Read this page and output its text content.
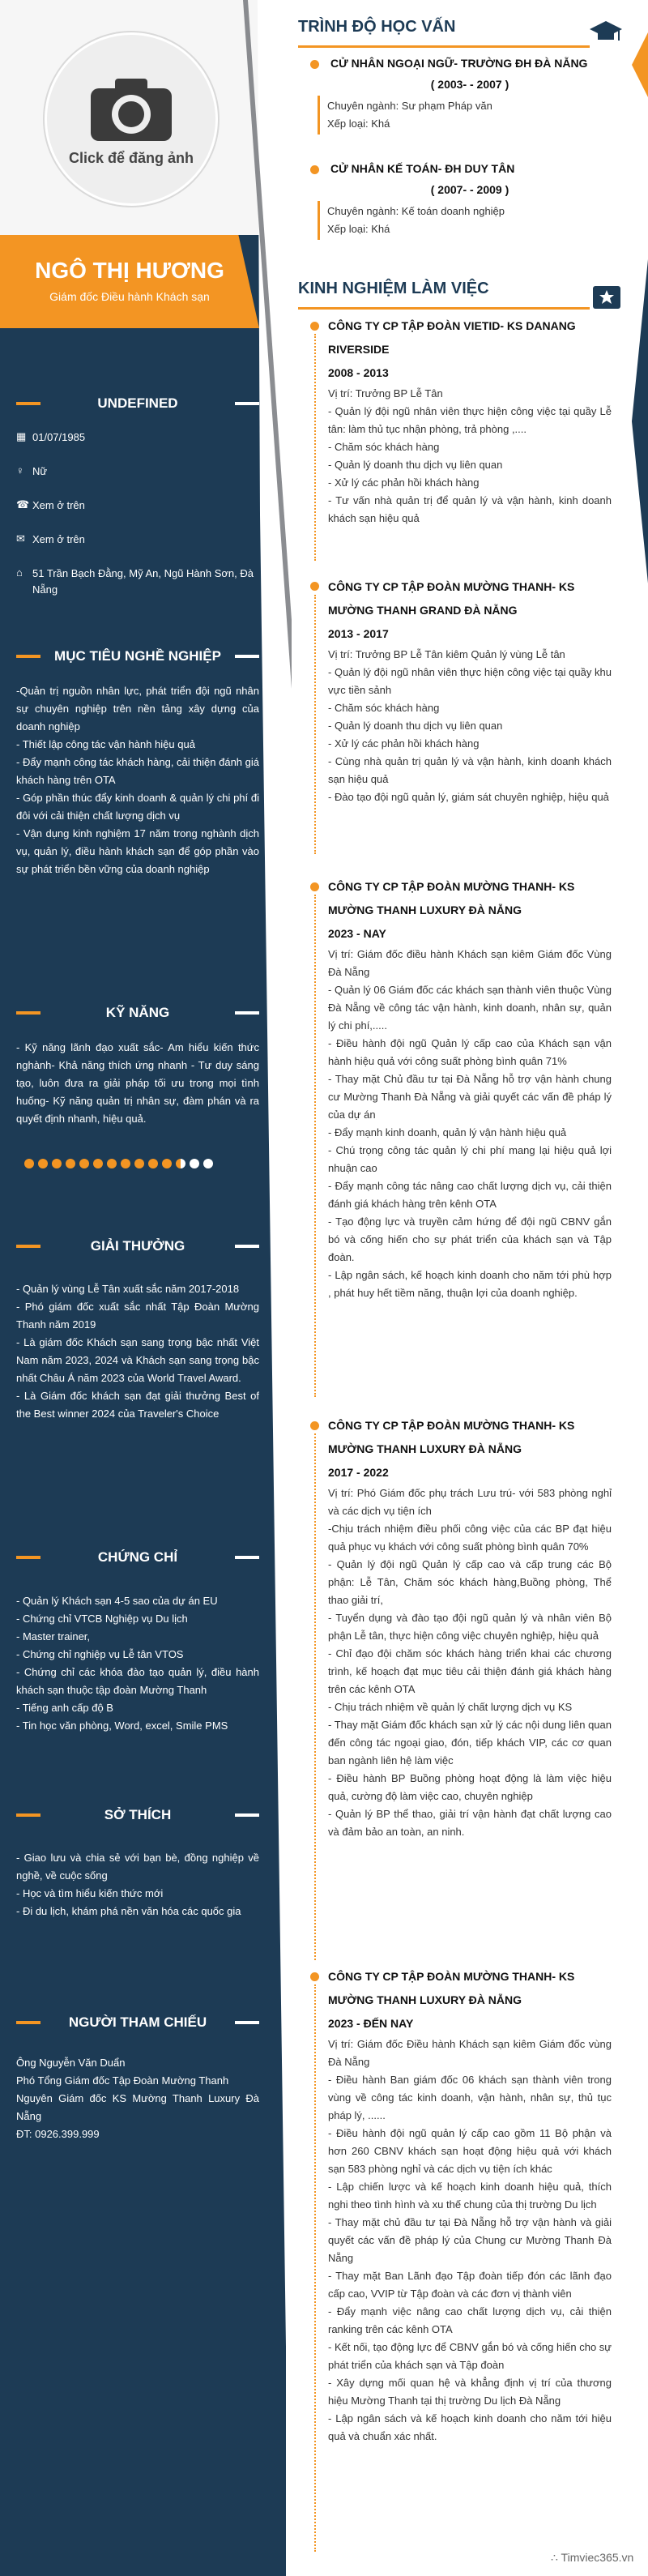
Click để đăng ảnh
NGÔ THỊ HƯƠNG
Giám đốc Điều hành Khách sạn
UNDEFINED
▦ 01/07/1985
♀ Nữ
☎ Xem ở trên
✉ Xem ở trên
⌂ 51 Trần Bạch Đằng, Mỹ An, Ngũ Hành Sơn, Đà Nẵng
MỤC TIÊU NGHỀ NGHIỆP

-Quản trị nguồn nhân lực, phát triển đội ngũ nhân sự chuyên nghiệp trên nền tảng xây dựng của doanh nghiệp

- Thiết lập công tác vận hành hiệu quả

- Đẩy mạnh công tác khách hàng, cải thiện đánh giá khách hàng trên OTA

- Góp phần thúc đẩy kinh doanh & quản lý chi phí đi đôi với cải thiện chất lượng dịch vụ

- Vận dụng kinh nghiệm 17 năm trong nghành dịch vụ, quản lý, điều hành khách sạn để góp phần vào sự phát triển bền vững của doanh nghiệp

KỸ NĂNG
- Kỹ năng lãnh đạo xuất sắc- Am hiểu kiến thức nghành- Khả năng thích ứng nhanh - Tư duy sáng tạo, luôn đưa ra giải pháp tối ưu trong mọi tình huống- Kỹ năng quản trị nhân sự, đàm phán và ra quyết định nhanh, hiệu quả.
GIẢI THƯỞNG

- Quản lý vùng Lễ Tân xuất sắc năm 2017-2018

- Phó giám đốc xuất sắc nhất Tập Đoàn Mường Thanh năm 2019

- Là giám đốc Khách sạn sang trọng bậc nhất Việt Nam năm 2023, 2024 và Khách sạn sang trọng bậc nhất Châu Á năm 2023 của World Travel Award.

- Là Giám đốc khách sạn đạt giải thưởng Best of the Best winner 2024 của Traveler's Choice

CHỨNG CHỈ

- Quản lý Khách sạn 4-5 sao của dự án EU

- Chứng chỉ VTCB Nghiệp vụ Du lịch

- Master trainer,

- Chứng chỉ nghiệp vụ Lễ tân VTOS

- Chứng chỉ các khóa đào tạo quản lý, điều hành khách sạn thuộc tập đoàn Mường Thanh

- Tiếng anh cấp độ B

- Tin học văn phòng, Word, excel, Smile PMS

SỞ THÍCH

- Giao lưu và chia sẻ với bạn bè, đồng nghiệp về nghề, về cuộc sống

- Học và tìm hiểu kiến thức mới

- Đi du lịch, khám phá nền văn hóa các quốc gia

NGƯỜI THAM CHIẾU

Ông Nguyễn Văn Duẩn

Phó Tổng Giám đốc Tập Đoàn Mường Thanh

Nguyên Giám đốc KS Mường Thanh Luxury Đà Nẵng

ĐT: 0926.399.999

TRÌNH ĐỘ HỌC VẤN
CỬ NHÂN NGOẠI NGỮ- TRƯỜNG ĐH ĐÀ NẴNG
( 2003- - 2007 )
Chuyên ngành: Sư phạm Pháp văn
Xếp loại: Khá
CỬ NHÂN KẾ TOÁN- ĐH DUY TÂN
( 2007- - 2009 )
Chuyên ngành: Kế toán doanh nghiệp
Xếp loại: Khá
KINH NGHIỆM LÀM VIỆC
CÔNG TY CP TẬP ĐOÀN VIETID- KS DANANG RIVERSIDE
2008 - 2013

Vị trí: Trưởng BP Lễ Tân

- Quản lý đội ngũ nhân viên thực hiện công việc tại quầy Lễ tân: làm thủ tục nhận phòng, trả phòng ,....

- Chăm sóc khách hàng

- Quản lý doanh thu dịch vụ liên quan

- Xử lý các phản hồi khách hàng

- Tư vấn nhà quản trị để quản lý và vận hành, kinh doanh khách sạn hiệu quả

CÔNG TY CP TẬP ĐOÀN MƯỜNG THANH- KS MƯỜNG THANH GRAND ĐÀ NẴNG
2013 - 2017

Vị trí: Trưởng BP Lễ Tân kiêm Quản lý vùng Lễ tân

- Quản lý đội ngũ nhân viên thực hiện công việc tại quầy khu vực tiền sảnh

- Chăm sóc khách hàng

- Quản lý doanh thu dịch vụ liên quan

- Xử lý các phản hồi khách hàng

- Cùng nhà quản trị quản lý và vận hành, kinh doanh khách sạn hiệu quả

- Đào tạo đội ngũ quản lý, giám sát chuyên nghiệp, hiệu quả

CÔNG TY CP TẬP ĐOÀN MƯỜNG THANH- KS MƯỜNG THANH LUXURY ĐÀ NẴNG
2023 - NAY

Vị trí: Giám đốc điều hành Khách sạn kiêm Giám đốc Vùng Đà Nẵng

- Quản lý 06 Giám đốc các khách sạn thành viên thuộc Vùng Đà Nẵng về công tác vận hành, kinh doanh, nhân sự, quản lý chi phí,.....

- Điều hành đội ngũ Quản lý cấp cao của Khách sạn vận hành hiệu quả với công suất phòng bình quân 71%

- Thay mặt Chủ đầu tư tại Đà Nẵng hỗ trợ vận hành chung cư Mường Thanh Đà Nẵng và giải quyết các vấn đề pháp lý của dự án

- Đẩy mạnh kinh doanh, quản lý vận hành hiệu quả

- Chú trọng công tác quản lý chi phí mang lại hiệu quả lợi nhuận cao

- Đẩy mạnh công tác nâng cao chất lượng dịch vụ, cải thiện đánh giá khách hàng trên kênh OTA

- Tạo động lực và truyền cảm hứng để đội ngũ CBNV gắn bó và cống hiến cho sự phát triển của khách sạn và Tập đoàn.

- Lập ngân sách, kế hoạch kinh doanh cho năm tới phù hợp , phát huy hết tiềm năng, thuận lợi của doanh nghiệp.

CÔNG TY CP TẬP ĐOÀN MƯỜNG THANH- KS MƯỜNG THANH LUXURY ĐÀ NẴNG
2017 - 2022

Vị trí: Phó Giám đốc phụ trách Lưu trú- với 583 phòng nghỉ và các dịch vụ tiện ích

-Chịu trách nhiệm điều phối công việc của các BP đạt hiệu quả phục vụ khách với công suất phòng bình quân 70%

- Quản lý đội ngũ Quản lý cấp cao và cấp trung các Bộ phận: Lễ Tân, Chăm sóc khách hàng,Buồng phòng, Thể thao giải trí,

- Tuyển dụng và đào tạo đội ngũ quản lý và nhân viên Bộ phận Lễ tân, thực hiện công việc chuyên nghiệp, hiệu quả

- Chỉ đạo đội chăm sóc khách hàng triển khai các chương trình, kế hoạch đạt mục tiêu cải thiện đánh giá khách hàng trên các kênh OTA

- Chịu trách nhiệm về quản lý chất lượng dịch vụ KS

- Thay mặt Giám đốc khách sạn xử lý các nội dung liên quan đến công tác ngoại giao, đón, tiếp khách VIP, các cơ quan ban ngành liên hệ làm việc

- Điều hành BP Buồng phòng hoạt động là làm việc hiệu quả, cường độ làm việc cao, chuyên nghiệp

- Quản lý BP thể thao, giải trí vận hành đạt chất lượng cao và đảm bảo an toàn, an ninh.

CÔNG TY CP TẬP ĐOÀN MƯỜNG THANH- KS MƯỜNG THANH LUXURY ĐÀ NẴNG
2023 - ĐẾN NAY

Vị trí: Giám đốc Điều hành Khách sạn kiêm Giám đốc vùng Đà Nẵng

- Điều hành Ban giám đốc 06 khách sạn thành viên trong vùng về công tác kinh doanh, vận hành, nhân sự, thủ tục pháp lý, ......

- Điều hành đội ngũ quản lý cấp cao gồm 11 Bộ phận và hơn 260 CBNV khách sạn hoạt động hiệu quả với khách sạn 583 phòng nghỉ và các dịch vụ tiện ích khác

- Lập chiến lược và kế hoạch kinh doanh hiệu quả, thích nghi theo tình hình và xu thế chung của thị trường Du lịch

- Thay mặt chủ đầu tư tại Đà Nẵng hỗ trợ vận hành và giải quyết các vấn đề pháp lý của Chung cư Mường Thanh Đà Nẵng

- Thay mặt Ban Lãnh đạo Tập đoàn tiếp đón các lãnh đạo cấp cao, VVIP từ Tập đoàn và các đơn vị thành viên

- Đẩy mạnh việc nâng cao chất lượng dịch vụ, cải thiện ranking trên các kênh OTA

- Kết nối, tạo động lực để CBNV gắn bó và cống hiến cho sự phát triển của khách sạn và Tập đoàn

- Xây dựng mối quan hệ và khẳng định vị trí của thương hiệu Mường Thanh tại thị trường Du lịch Đà Nẵng

- Lập ngân sách và kế hoạch kinh doanh cho năm tới hiệu quả và chuẩn xác nhất.

∴ Timviec365.vn
